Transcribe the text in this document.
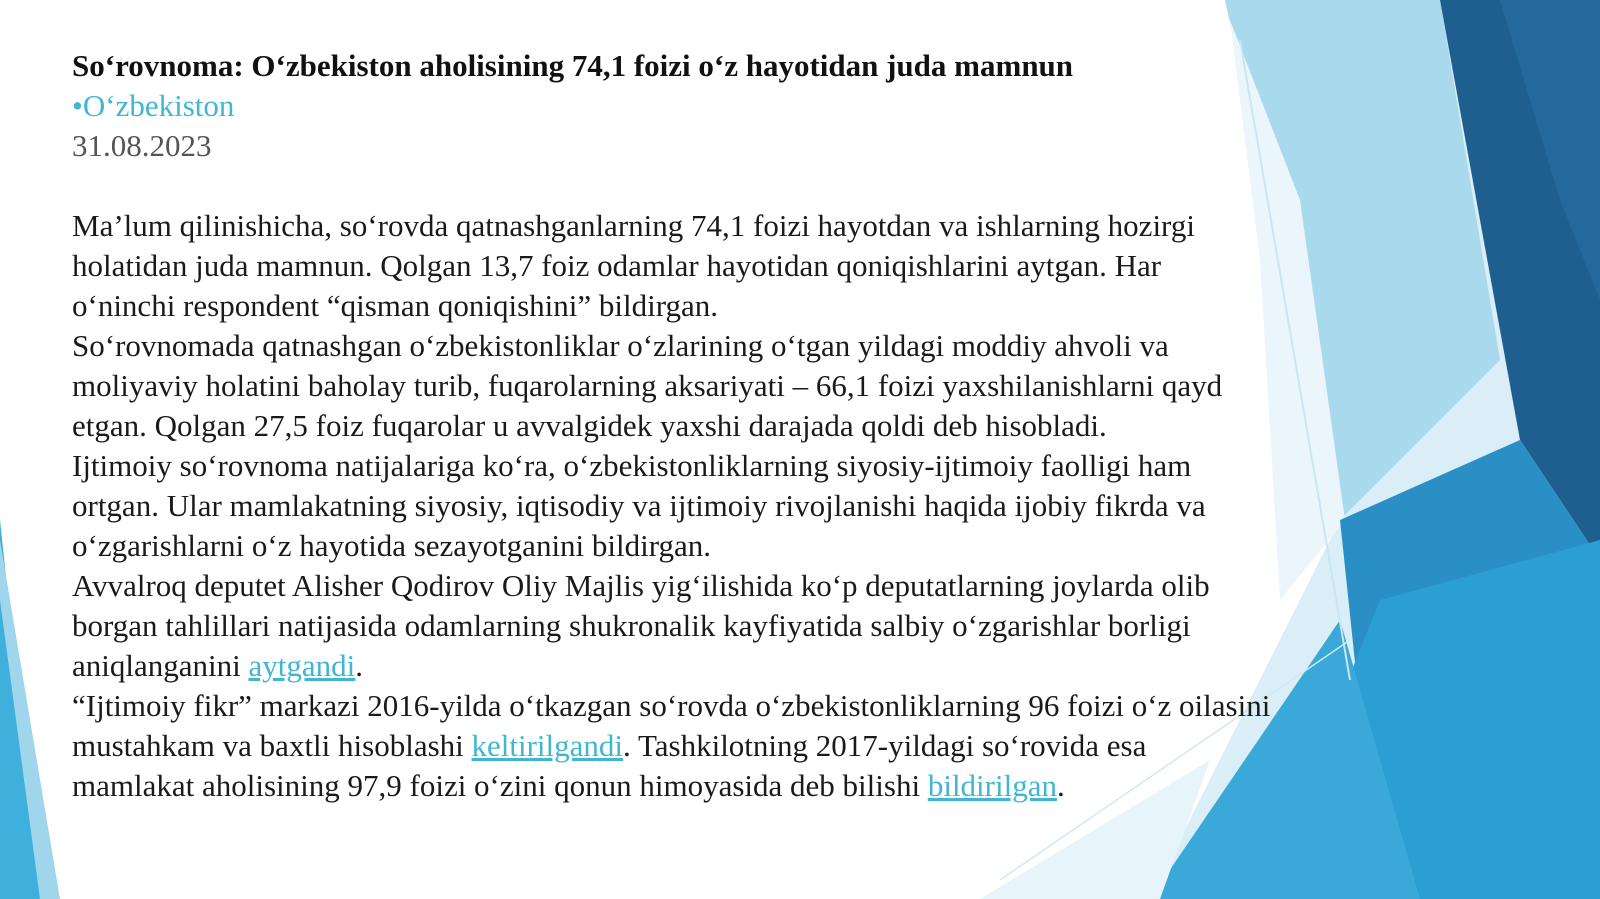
So‘rovnoma: O‘zbekiston aholisining 74,1 foizi o‘z hayotidan juda mamnun
•O‘zbekiston
31.08.2023

Ma’lum qilinishicha, so‘rovda qatnashganlarning 74,1 foizi hayotdan va ishlarning hozirgi holatidan juda mamnun. Qolgan 13,7 foiz odamlar hayotidan qoniqishlarini aytgan. Har o‘ninchi respondent “qisman qoniqishini” bildirgan.

So‘rovnomada qatnashgan o‘zbekistonliklar o‘zlarining o‘tgan yildagi moddiy ahvoli va moliyaviy holatini baholay turib, fuqarolarning aksariyati – 66,1 foizi yaxshilanishlarni qayd etgan. Qolgan 27,5 foiz fuqarolar u avvalgidek yaxshi darajada qoldi deb hisobladi.

Ijtimoiy so‘rovnoma natijalariga ko‘ra, o‘zbekistonliklarning siyosiy-ijtimoiy faolligi ham ortgan. Ular mamlakatning siyosiy, iqtisodiy va ijtimoiy rivojlanishi haqida ijobiy fikrda va o‘zgarishlarni o‘z hayotida sezayotganini bildirgan.

Avvalroq deputet Alisher Qodirov Oliy Majlis yig‘ilishida ko‘p deputatlarning joylarda olib borgan tahlillari natijasida odamlarning shukronalik kayfiyatida salbiy o‘zgarishlar borligi aniqlanganini aytgandi.

“Ijtimoiy fikr” markazi 2016-yilda o‘tkazgan so‘rovda o‘zbekistonliklarning 96 foizi o‘z oilasini mustahkam va baxtli hisoblashi keltirilgandi. Tashkilotning 2017-yildagi so‘rovida esa mamlakat aholisining 97,9 foizi o‘zini qonun himoyasida deb bilishi bildirilgan.
